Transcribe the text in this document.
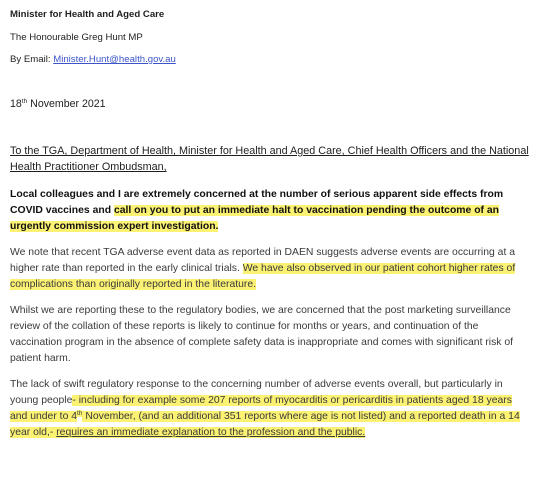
Minister for Health and Aged Care
The Honourable Greg Hunt MP
By Email: Minister.Hunt@health.gov.au
18th November 2021
To the TGA, Department of Health, Minister for Health and Aged Care, Chief Health Officers and the National Health Practitioner Ombudsman,
Local colleagues and I are extremely concerned at the number of serious apparent side effects from COVID vaccines and call on you to put an immediate halt to vaccination pending the outcome of an urgently commission expert investigation.
We note that recent TGA adverse event data as reported in DAEN suggests adverse events are occurring at a higher rate than reported in the early clinical trials. We have also observed in our patient cohort higher rates of complications than originally reported in the literature.
Whilst we are reporting these to the regulatory bodies, we are concerned that the post marketing surveillance review of the collation of these reports is likely to continue for months or years, and continuation of the vaccination program in the absence of complete safety data is inappropriate and comes with significant risk of patient harm.
The lack of swift regulatory response to the concerning number of adverse events overall, but particularly in young people- including for example some 207 reports of myocarditis or pericarditis in patients aged 18 years and under to 4th November, (and an additional 351 reports where age is not listed) and a reported death in a 14 year old,- requires an immediate explanation to the profession and the public.
